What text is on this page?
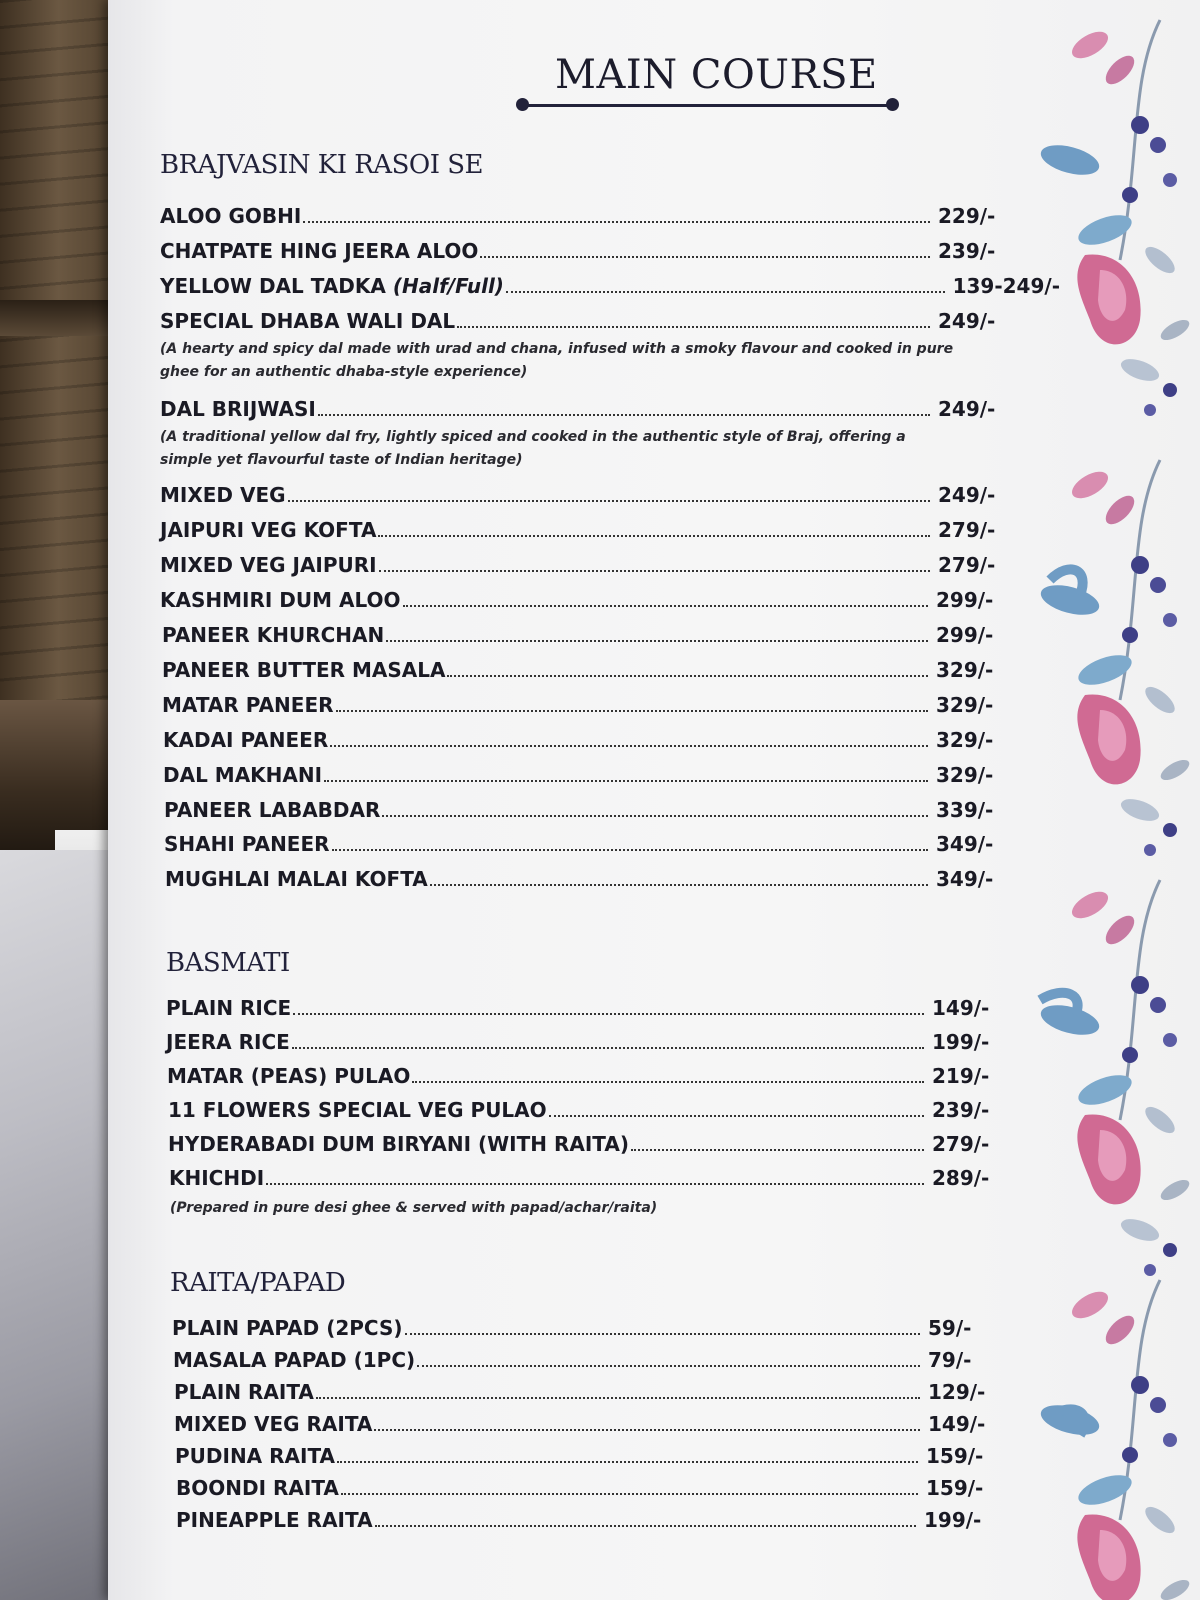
MAIN COURSE
BRAJVASIN KI RASOI SE
ALOO GOBHI	229/-
CHATPATE HING JEERA ALOO	239/-
YELLOW DAL TADKA (Half/Full)	139-249/-
SPECIAL DHABA WALI DAL	249/-
(A hearty and spicy dal made with urad and chana, infused with a smoky flavour and cooked in pure ghee for an authentic dhaba-style experience)
DAL BRIJWASI	249/-
(A traditional yellow dal fry, lightly spiced and cooked in the authentic style of Braj, offering a simple yet flavourful taste of Indian heritage)
MIXED VEG	249/-
JAIPURI VEG KOFTA	279/-
MIXED VEG JAIPURI	279/-
KASHMIRI DUM ALOO	299/-
PANEER KHURCHAN	299/-
PANEER BUTTER MASALA	329/-
MATAR PANEER	329/-
KADAI PANEER	329/-
DAL MAKHANI	329/-
PANEER LABABDAR	339/-
SHAHI PANEER	349/-
MUGHLAI MALAI KOFTA	349/-
BASMATI
PLAIN RICE	149/-
JEERA RICE	199/-
MATAR (PEAS) PULAO	219/-
11 FLOWERS SPECIAL VEG PULAO	239/-
HYDERABADI DUM BIRYANI (WITH RAITA)	279/-
KHICHDI	289/-
(Prepared in pure desi ghee & served with papad/achar/raita)
RAITA/PAPAD
PLAIN PAPAD (2PCS)	59/-
MASALA PAPAD (1PC)	79/-
PLAIN RAITA	129/-
MIXED VEG RAITA	149/-
PUDINA RAITA	159/-
BOONDI RAITA	159/-
PINEAPPLE RAITA	199/-
